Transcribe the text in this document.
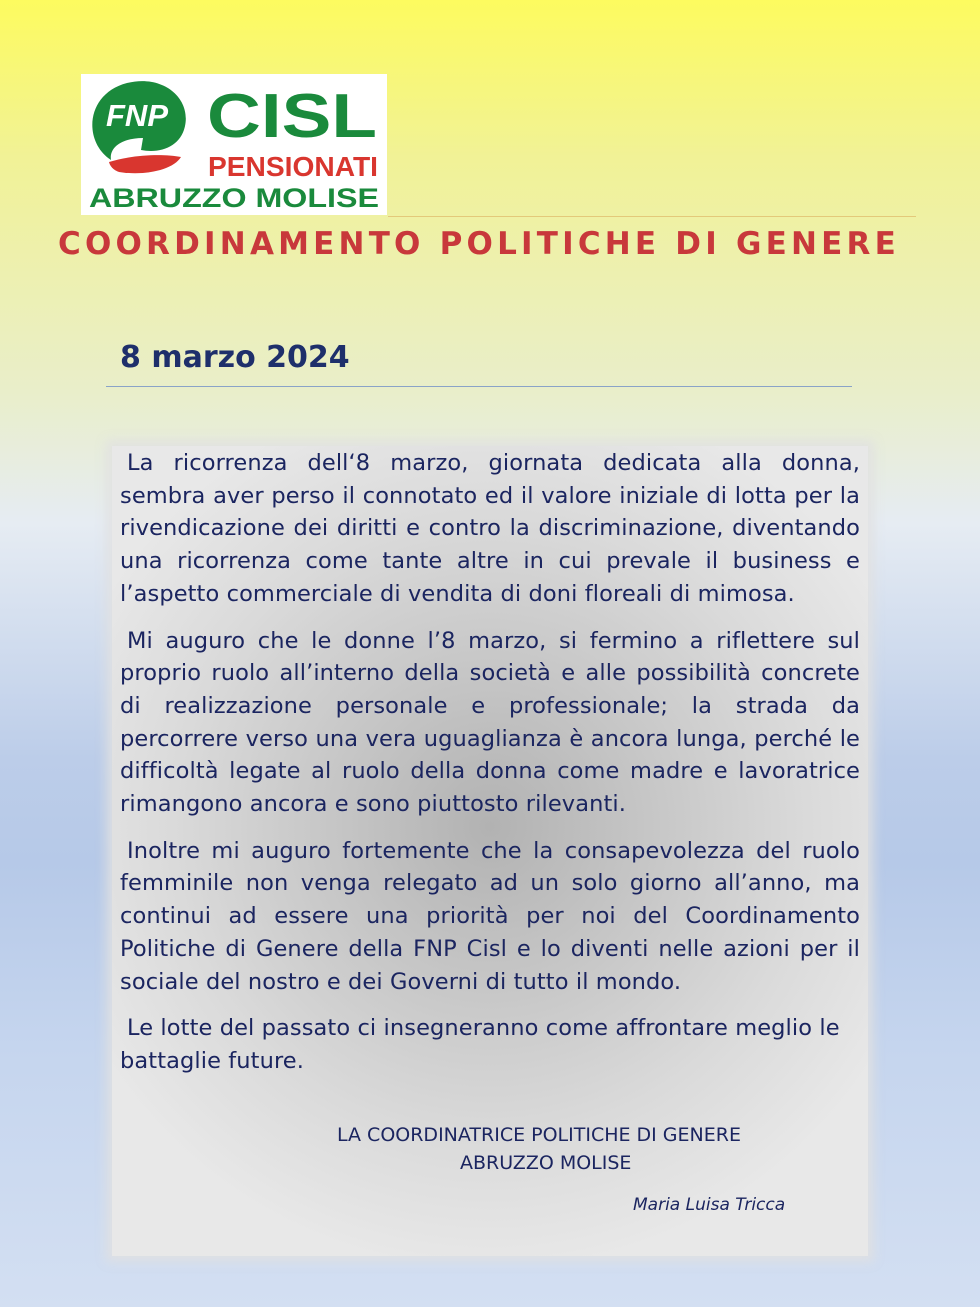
FNP CISL
PENSIONATI
ABRUZZO MOLISE
COORDINAMENTO POLITICHE DI GENERE
8 marzo 2024

La ricorrenza dell‘8 marzo, giornata dedicata alla donna, sembra aver perso il connotato ed il valore iniziale di lotta per la rivendicazione dei diritti e contro la discriminazione, diventando una ricorrenza come tante altre in cui prevale il business e l’aspetto commerciale di vendita di doni floreali di mimosa.

Mi auguro che le donne l’8 marzo, si fermino a riflettere sul proprio ruolo all’interno della società e alle possibilità concrete di realizzazione personale e professionale; la strada da percorrere verso una vera uguaglianza è ancora lunga, perché le difficoltà legate al ruolo della donna come madre e lavoratrice rimangono ancora e sono piuttosto rilevanti.

Inoltre mi auguro fortemente che la consapevolezza del ruolo femminile non venga relegato ad un solo giorno all’anno, ma continui ad essere una priorità per noi del Coordinamento Politiche di Genere della FNP Cisl e lo diventi nelle azioni per il sociale del nostro e dei Governi di tutto il mondo.

Le lotte del passato ci insegneranno come affrontare meglio le battaglie future.

LA COORDINATRICE POLITICHE DI GENERE
ABRUZZO MOLISE
Maria Luisa Tricca
